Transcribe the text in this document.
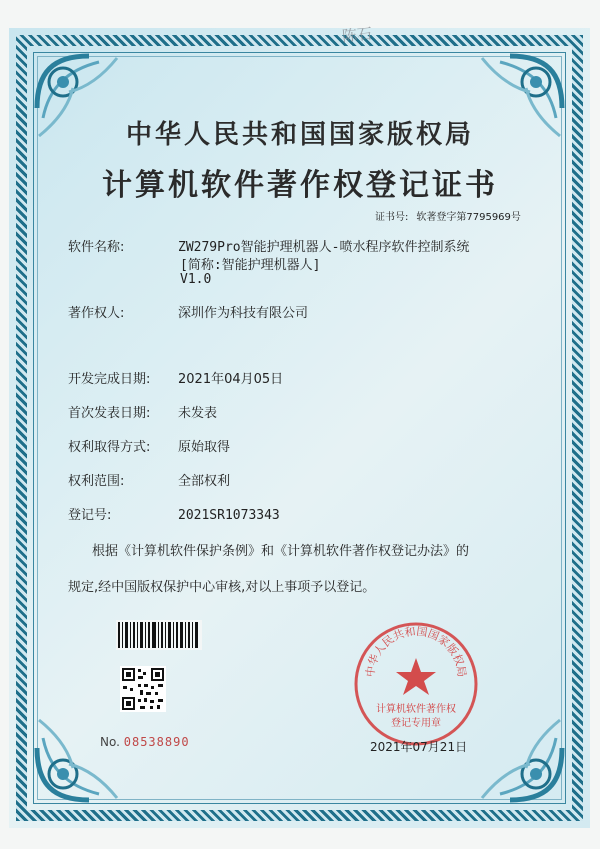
陈石
中华人民共和国国家版权局
计算机软件著作权登记证书
证书号: 软著登字第7795969号
软件名称:	ZW279Pro智能护理机器人-喷水程序软件控制系统
[简称:智能护理机器人]
V1.0
著作权人:	深圳作为科技有限公司
开发完成日期: 2021年04月05日
首次发表日期: 未发表
权利取得方式: 原始取得
权利范围:	全部权利
登记号:	2021SR1073343

根据《计算机软件保护条例》和《计算机软件著作权登记办法》的

规定,经中国版权保护中心审核,对以上事项予以登记。

No. 08538890
中华人民共和国国家版权局
计算机软件著作权
登记专用章
2021年07月21日
